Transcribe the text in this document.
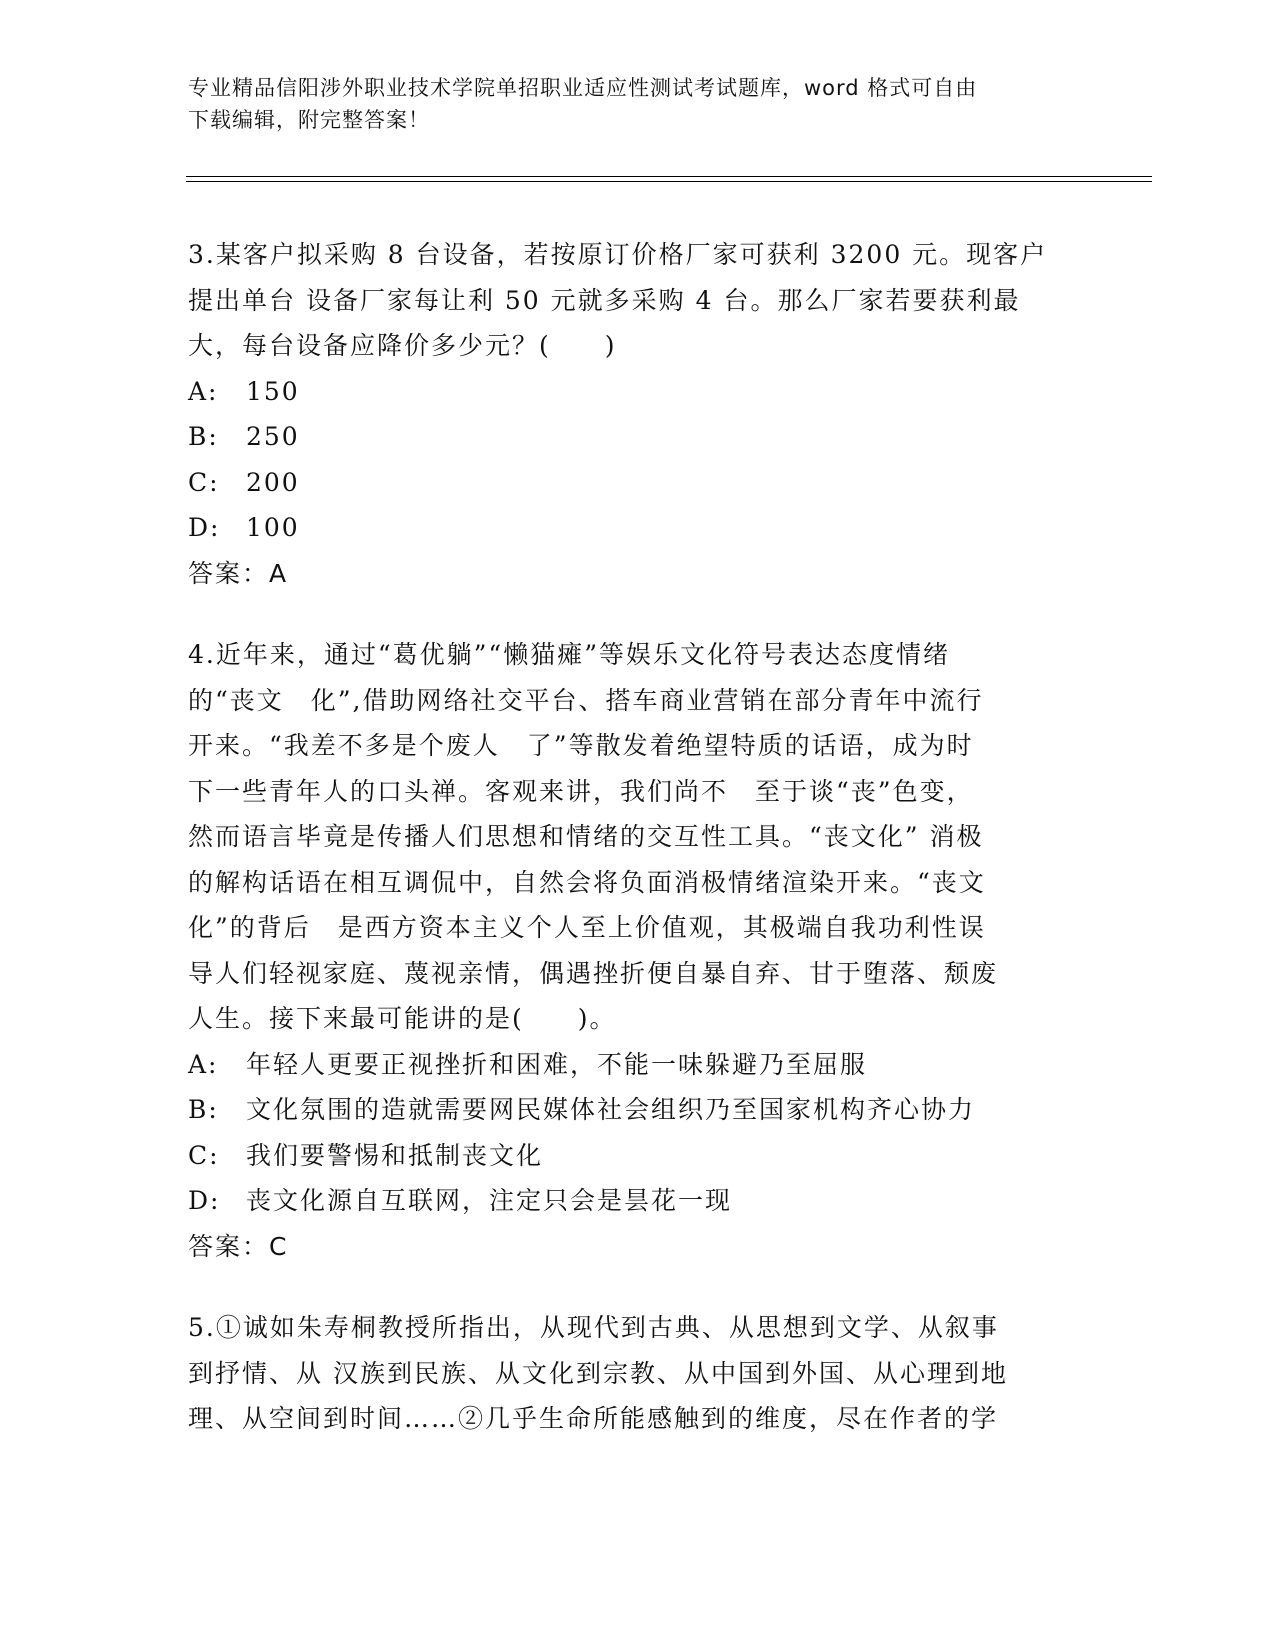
专业精品信阳涉外职业技术学院单招职业适应性测试考试题库，word 格式可自由
下载编辑，附完整答案！
3.某客户拟采购 8 台设备，若按原订价格厂家可获利 3200 元。现客户
提出单台 设备厂家每让利 50 元就多采购 4 台。那么厂家若要获利最
大，每台设备应降价多少元？(　　)
A: 150
B: 250
C: 200
D: 100
答案：A
4.近年来，通过“葛优躺”“懒猫瘫”等娱乐文化符号表达态度情绪
的“丧文　化”,借助网络社交平台、搭车商业营销在部分青年中流行
开来。“我差不多是个废人　了”等散发着绝望特质的话语，成为时
下一些青年人的口头禅。客观来讲，我们尚不　至于谈“丧”色变，
然而语言毕竟是传播人们思想和情绪的交互性工具。“丧文化” 消极
的解构话语在相互调侃中，自然会将负面消极情绪渲染开来。“丧文
化”的背后　是西方资本主义个人至上价值观，其极端自我功利性误
导人们轻视家庭、蔑视亲情，偶遇挫折便自暴自弃、甘于堕落、颓废
人生。接下来最可能讲的是(　　)。
A: 年轻人更要正视挫折和困难，不能一味躲避乃至屈服
B: 文化氛围的造就需要网民媒体社会组织乃至国家机构齐心协力
C: 我们要警惕和抵制丧文化
D: 丧文化源自互联网，注定只会是昙花一现
答案：C
5.①诚如朱寿桐教授所指出，从现代到古典、从思想到文学、从叙事
到抒情、从 汉族到民族、从文化到宗教、从中国到外国、从心理到地
理、从空间到时间……②几乎生命所能感触到的维度，尽在作者的学
